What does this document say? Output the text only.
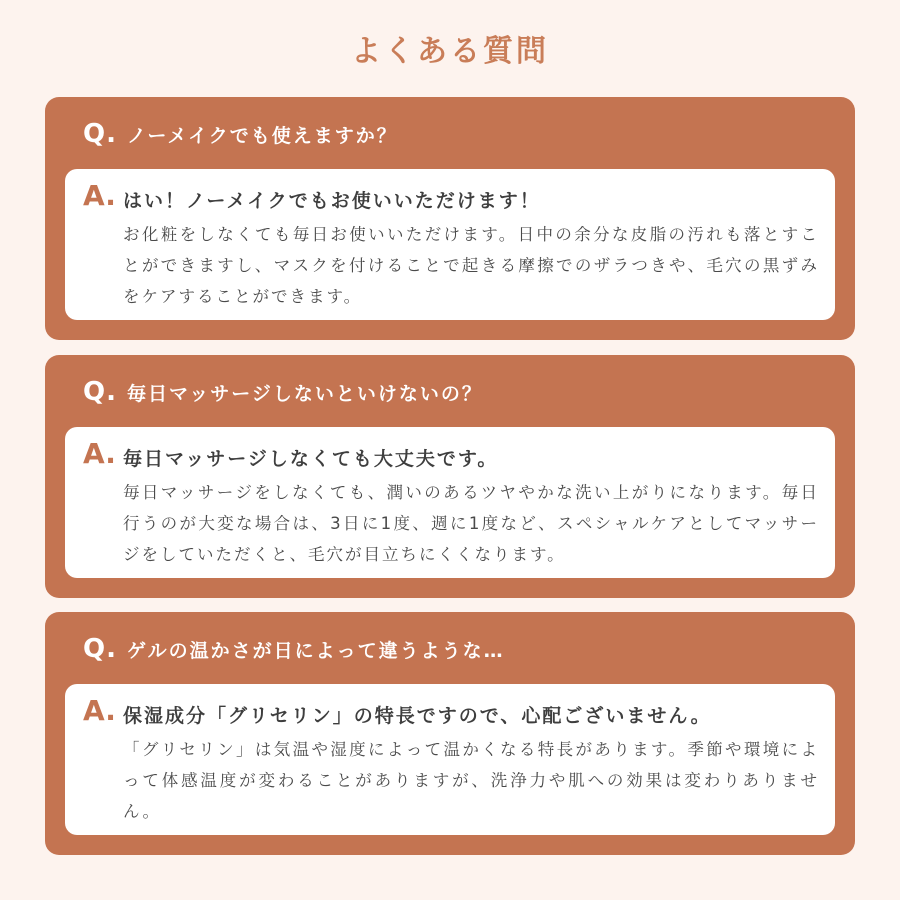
よくある質問
Q. ノーメイクでも使えますか？
A. はい！ノーメイクでもお使いいただけます！
お化粧をしなくても毎日お使いいただけます。日中の余分な皮脂の汚れも落とすことができますし、マスクを付けることで起きる摩擦でのザラつきや、毛穴の黒ずみをケアすることができます。
Q. 毎日マッサージしないといけないの？
A. 毎日マッサージしなくても大丈夫です。
毎日マッサージをしなくても、潤いのあるツヤやかな洗い上がりになります。毎日行うのが大変な場合は、3日に1度、週に1度など、スペシャルケアとしてマッサージをしていただくと、毛穴が目立ちにくくなります。
Q. ゲルの温かさが日によって違うような…
A. 保湿成分「グリセリン」の特長ですので、心配ございません。
「グリセリン」は気温や湿度によって温かくなる特長があります。季節や環境によって体感温度が変わることがありますが、洗浄力や肌への効果は変わりありません。
